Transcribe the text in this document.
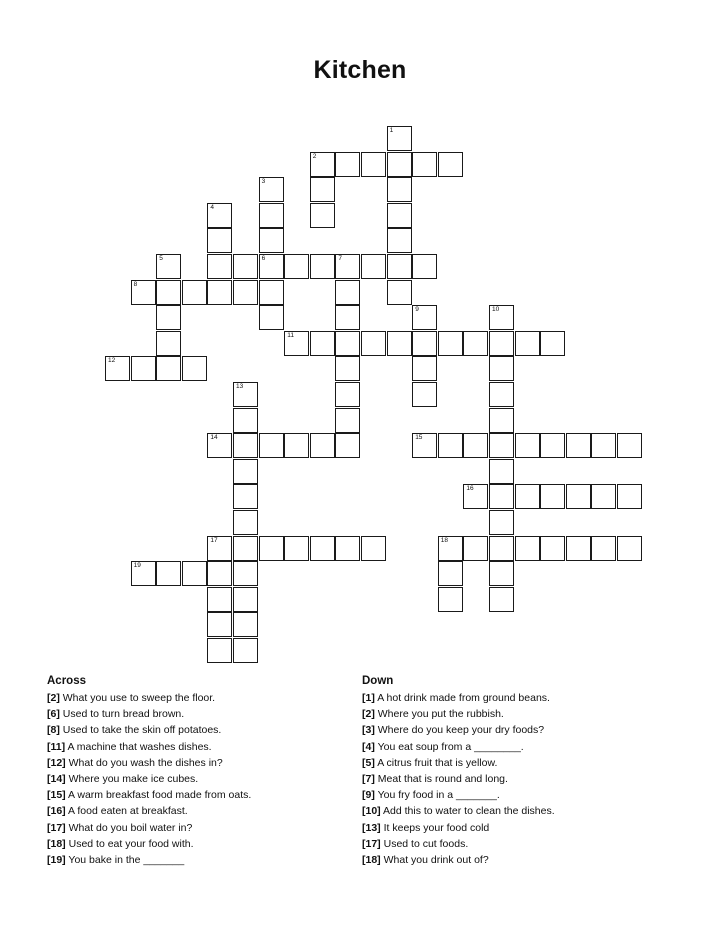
Kitchen
1
2
3
6
4
5	7
8
11
12
9	10
13
14	15
16
17	18
19
Across
[2] What you use to sweep the floor.
[6] Used to turn bread brown.
[8] Used to take the skin off potatoes.
[11] A machine that washes dishes.
[12] What do you wash the dishes in?
[14] Where you make ice cubes.
[15] A warm breakfast food made from oats.
[16] A food eaten at breakfast.
[17] What do you boil water in?
[18] Used to eat your food with.
[19] You bake in the _______
Down
[1] A hot drink made from ground beans.
[2] Where you put the rubbish.
[3] Where do you keep your dry foods?
[4] You eat soup from a ________.
[5] A citrus fruit that is yellow.
[7] Meat that is round and long.
[9] You fry food in a _______.
[10] Add this to water to clean the dishes.
[13] It keeps your food cold
[17] Used to cut foods.
[18] What you drink out of?
